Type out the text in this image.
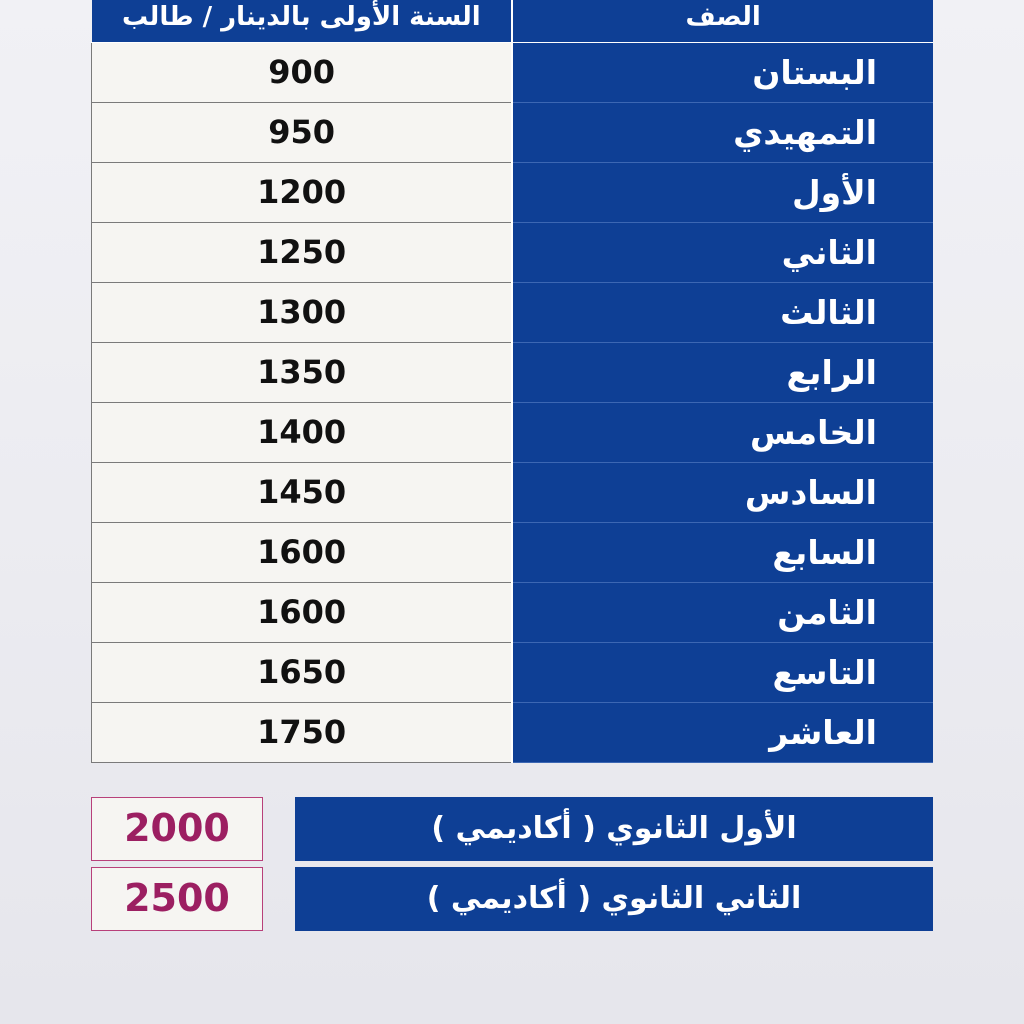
السنة الأولى بالدينار / طالب	الصف
900	البستان
950	التمهيدي
1200	الأول
1250	الثاني
1300	الثالث
1350	الرابع
1400	الخامس
1450	السادس
1600	السابع
1600	الثامن
1650	التاسع
1750	العاشر
2000	الأول الثانوي ( أكاديمي )
2500	الثاني الثانوي ( أكاديمي )
